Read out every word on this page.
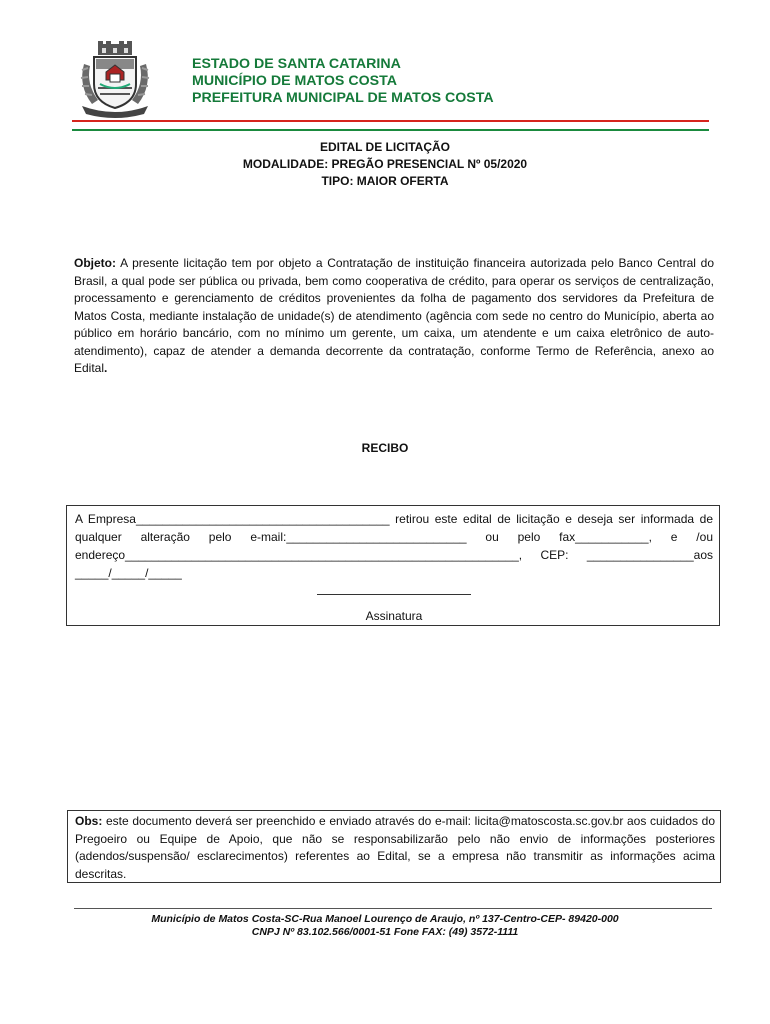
ESTADO DE SANTA CATARINA
MUNICÍPIO DE MATOS COSTA
PREFEITURA MUNICIPAL DE MATOS COSTA
EDITAL DE LICITAÇÃO
MODALIDADE: PREGÃO PRESENCIAL Nº 05/2020
TIPO: MAIOR OFERTA
Objeto: A presente licitação tem por objeto a Contratação de instituição financeira autorizada pelo Banco Central do Brasil, a qual pode ser pública ou privada, bem como cooperativa de crédito, para operar os serviços de centralização, processamento e gerenciamento de créditos provenientes da folha de pagamento dos servidores da Prefeitura de Matos Costa, mediante instalação de unidade(s) de atendimento (agência com sede no centro do Município, aberta ao público em horário bancário, com no mínimo um gerente, um caixa, um atendente e um caixa eletrônico de auto-atendimento), capaz de atender a demanda decorrente da contratação, conforme Termo de Referência, anexo ao Edital.
RECIBO
A Empresa______________________________________ retirou este edital de licitação e deseja ser informada de qualquer alteração pelo e-mail:___________________________ ou pelo fax___________, e /ou endereço___________________________________________________________, CEP: ________________aos _____/_____/_____
Assinatura
Obs: este documento deverá ser preenchido e enviado através do e-mail: licita@matoscosta.sc.gov.br aos cuidados do Pregoeiro ou Equipe de Apoio, que não se responsabilizarão pelo não envio de informações posteriores (adendos/suspensão/ esclarecimentos) referentes ao Edital, se a empresa não transmitir as informações acima descritas.
Município de Matos Costa-SC-Rua Manoel Lourenço de Araujo, nº 137-Centro-CEP- 89420-000
CNPJ Nº 83.102.566/0001-51 Fone FAX: (49) 3572-1111
